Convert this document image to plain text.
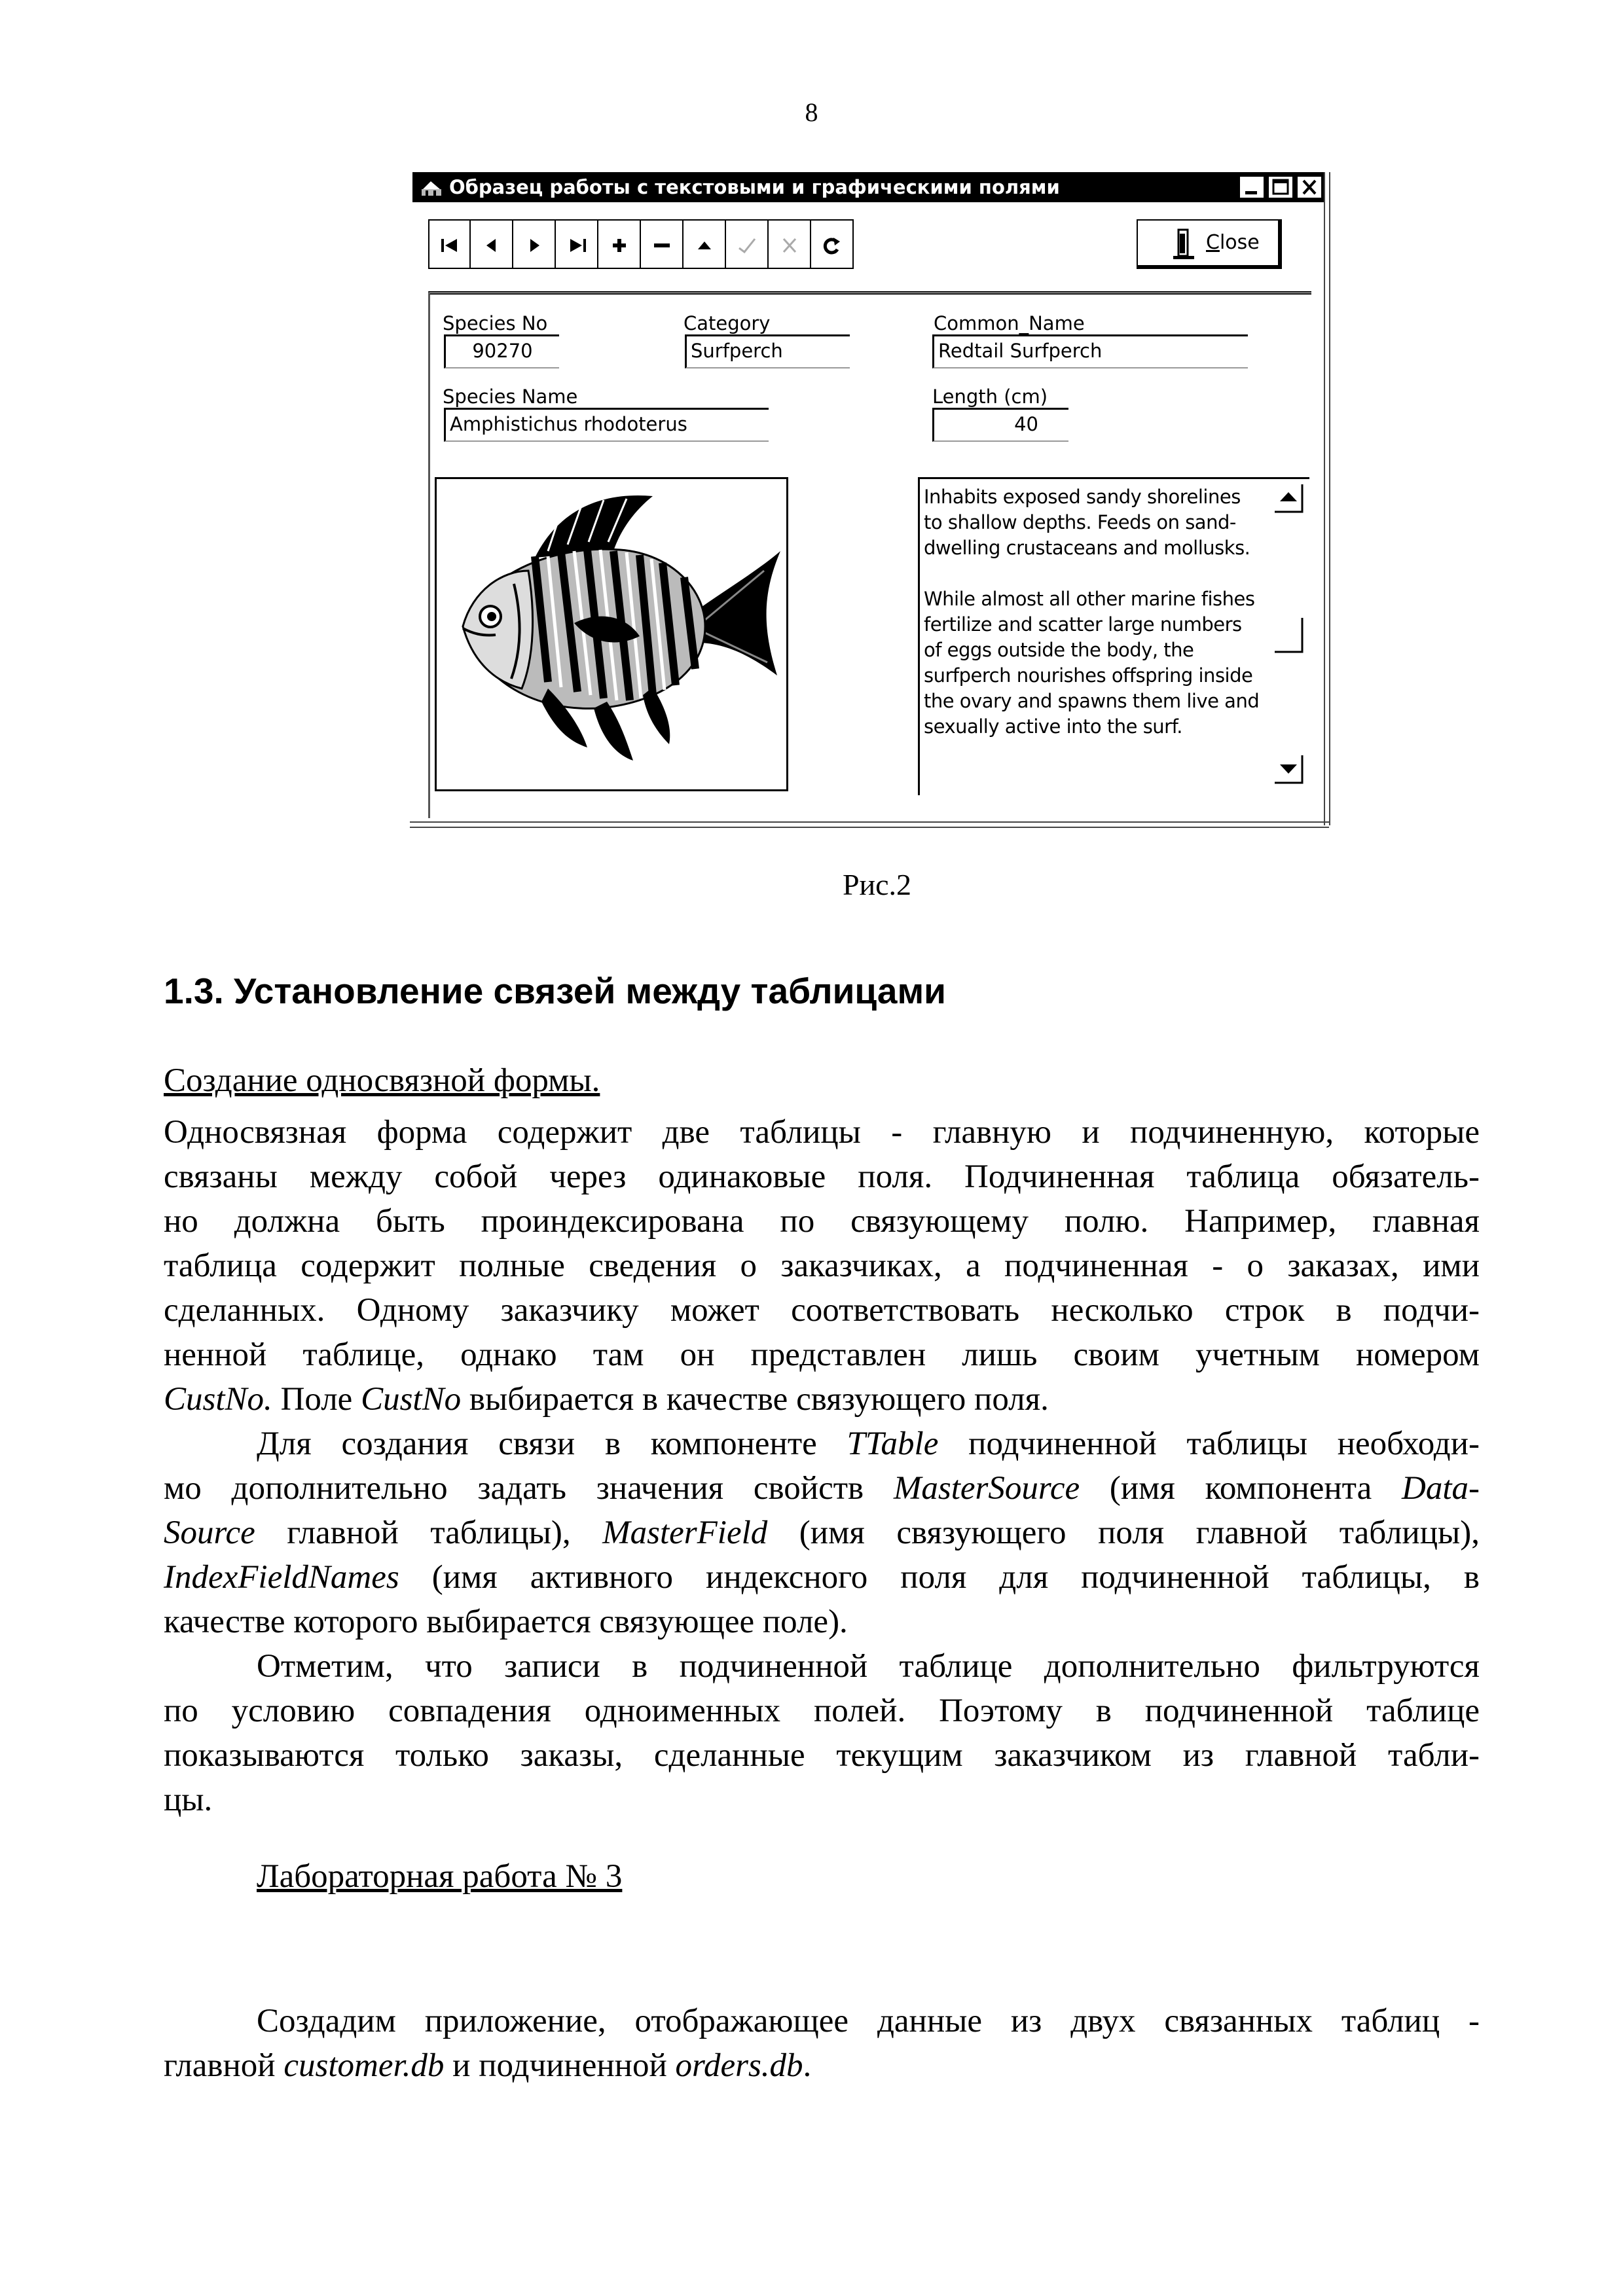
8
Образец работы с текстовыми и графическими полями
Close
Species No
90270
Category
Surfperch
Common_Name
Redtail Surfperch
Species Name
Amphistichus rhodoterus
Length (cm)
40

Inhabits exposed sandy shorelines to shallow depths. Feeds on sand-dwelling crustaceans and mollusks.

While almost all other marine fishes fertilize and scatter large numbers of eggs outside the body, the surfperch nourishes offspring inside the ovary and spawns them live and sexually active into the surf.

Рис.2
1.3. Установление связей между таблицами
Создание односвязной формы.
Односвязная форма содержит две таблицы - главную и подчиненную, которые
связаны между собой через одинаковые поля. Подчиненная таблица обязатель-
но должна быть проиндексирована по связующему полю. Например, главная
таблица содержит полные сведения о заказчиках, а подчиненная - о заказах, ими
сделанных. Одному заказчику может соответствовать несколько строк в подчи-
ненной таблице, однако там он представлен лишь своим учетным номером
CustNo. Поле CustNo выбирается в качестве связующего поля.
Для создания связи в компоненте TTable подчиненной таблицы необходи-
мо дополнительно задать значения свойств MasterSource (имя компонента Data-
Source главной таблицы), MasterField (имя связующего поля главной таблицы),
IndexFieldNames (имя активного индексного поля для подчиненной таблицы, в
качестве которого выбирается связующее поле).
Отметим, что записи в подчиненной таблице дополнительно фильтруются
по условию совпадения одноименных полей. Поэтому в подчиненной таблице
показываются только заказы, сделанные текущим заказчиком из главной табли-
цы.
Лабораторная работа № 3
Создадим приложение, отображающее данные из двух связанных таблиц -
главной customer.db и подчиненной orders.db.
